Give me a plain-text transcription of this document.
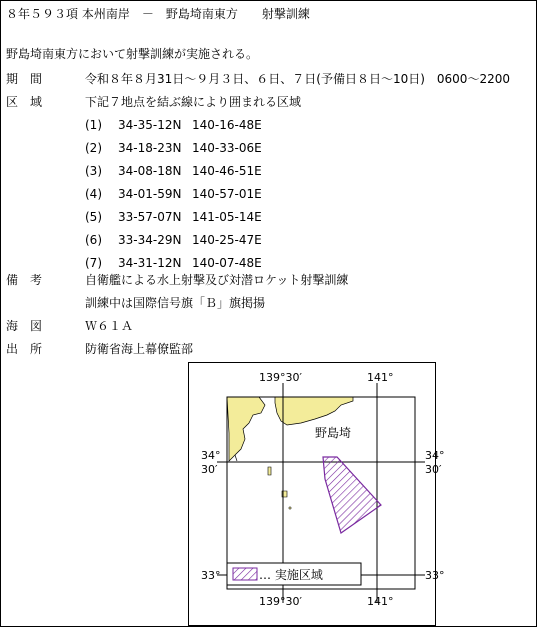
８年５９３項 本州南岸　－　野島埼南東方　　射撃訓練
野島埼南東方において射撃訓練が実施される。
期　間	令和８年８月31日～９月３日、６日、７日(予備日８日～10日)　0600～2200
区　域	下記７地点を結ぶ線により囲まれる区域
(1) 34-35-12N 140-16-48E
(2) 34-18-23N 140-33-06E
(3) 34-08-18N 140-46-51E
(4) 34-01-59N 140-57-01E
(5) 33-57-07N 141-05-14E
(6) 33-34-29N 140-25-47E
(7) 34-31-12N 140-07-48E
備　考	自衛艦による水上射撃及び対潜ロケット射撃訓練
訓練中は国際信号旗「Ｂ」旗掲揚
海　図	Ｗ６１Ａ
出　所	防衛省海上幕僚監部
139°30′	141°
139°30′	141°
34°
30′
34°
30′
33°	33°
野島埼
… 実施区域
